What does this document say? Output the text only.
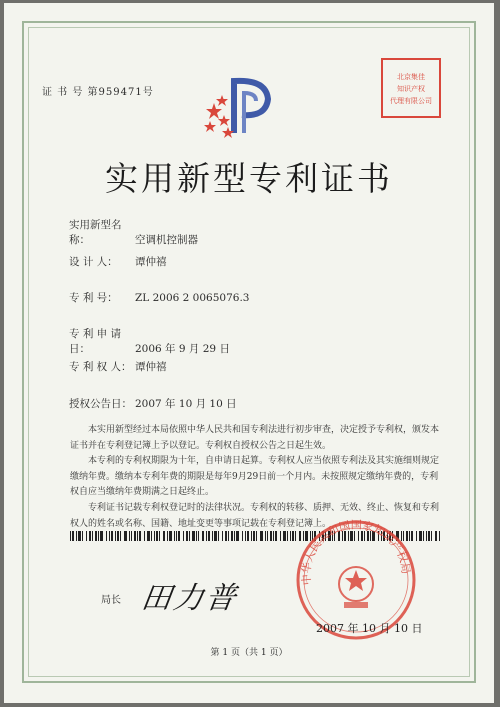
证 书 号 第959471号
北京集佳
知识产权
代理有限公司
实用新型专利证书
实用新型名称：	空调机控制器
设 计 人： 谭仲禧
专 利 号： ZL 2006 2 0065076.3
专 利 申 请 日：	2006 年 9 月 29 日
专 利 权 人： 谭仲禧
授权公告日： 2007 年 10 月 10 日
本实用新型经过本局依照中华人民共和国专利法进行初步审查，决定授予专利权，颁发本证书并在专利登记簿上予以登记。专利权自授权公告之日起生效。
本专利的专利权期限为十年，自申请日起算。专利权人应当依照专利法及其实施细则规定缴纳年费。缴纳本专利年费的期限是每年9月29日前一个月内。未按照规定缴纳年费的，专利权自应当缴纳年费期满之日起终止。
专利证书记载专利权登记时的法律状况。专利权的转移、质押、无效、终止、恢复和专利权人的姓名或名称、国籍、地址变更等事项记载在专利登记簿上。
局长 田力普
中华人民共和国国家知识产权局
2007 年 10 月 10 日
第 1 页（共 1 页）
